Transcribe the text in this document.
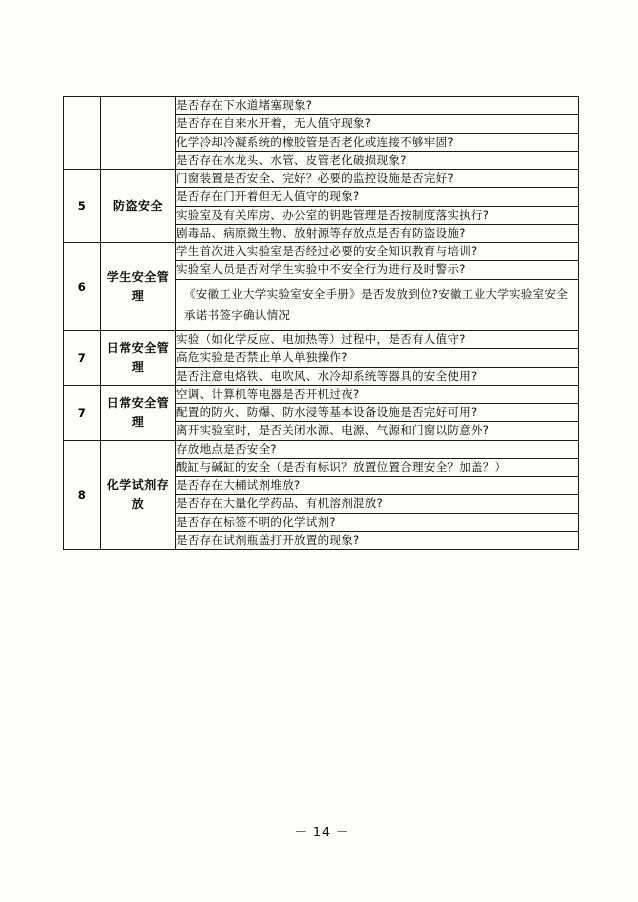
		是否存在下水道堵塞现象?
		是否存在自来水开着，无人值守现象?
		化学冷却冷凝系统的橡胶管是否老化或连接不够牢固?
		是否存在水龙头、水管、皮管老化破损现象?
5	防盗安全	门窗装置是否安全、完好？必要的监控设施是否完好?
		是否存在门开着但无人值守的现象?
		实验室及有关库房、办公室的钥匙管理是否按制度落实执行?
		剧毒品、病原微生物、放射源等存放点是否有防盗设施?
6	学生安全管理	学生首次进入实验室是否经过必要的安全知识教育与培训?
		实验室人员是否对学生实验中不安全行为进行及时警示?
		《安徽工业大学实验室安全手册》是否发放到位?安徽工业大学实验室安全承诺书签字确认情况
7	日常安全管理	实验（如化学反应、电加热等）过程中，是否有人值守?
		高危实验是否禁止单人单独操作?
		是否注意电烙铁、电吹风、水冷却系统等器具的安全使用?
7	日常安全管理	空调、计算机等电器是否开机过夜?
		配置的防火、防爆、防水浸等基本设备设施是否完好可用?
		离开实验室时，是否关闭水源、电源、气源和门窗以防意外?
8	化学试剂存放	存放地点是否安全?
		酸缸与碱缸的安全（是否有标识？放置位置合理安全？加盖？）
		是否存在大桶试剂堆放?
		是否存在大量化学药品、有机溶剂混放?
		是否存在标签不明的化学试剂?
		是否存在试剂瓶盖打开放置的现象?
－ 14 －
